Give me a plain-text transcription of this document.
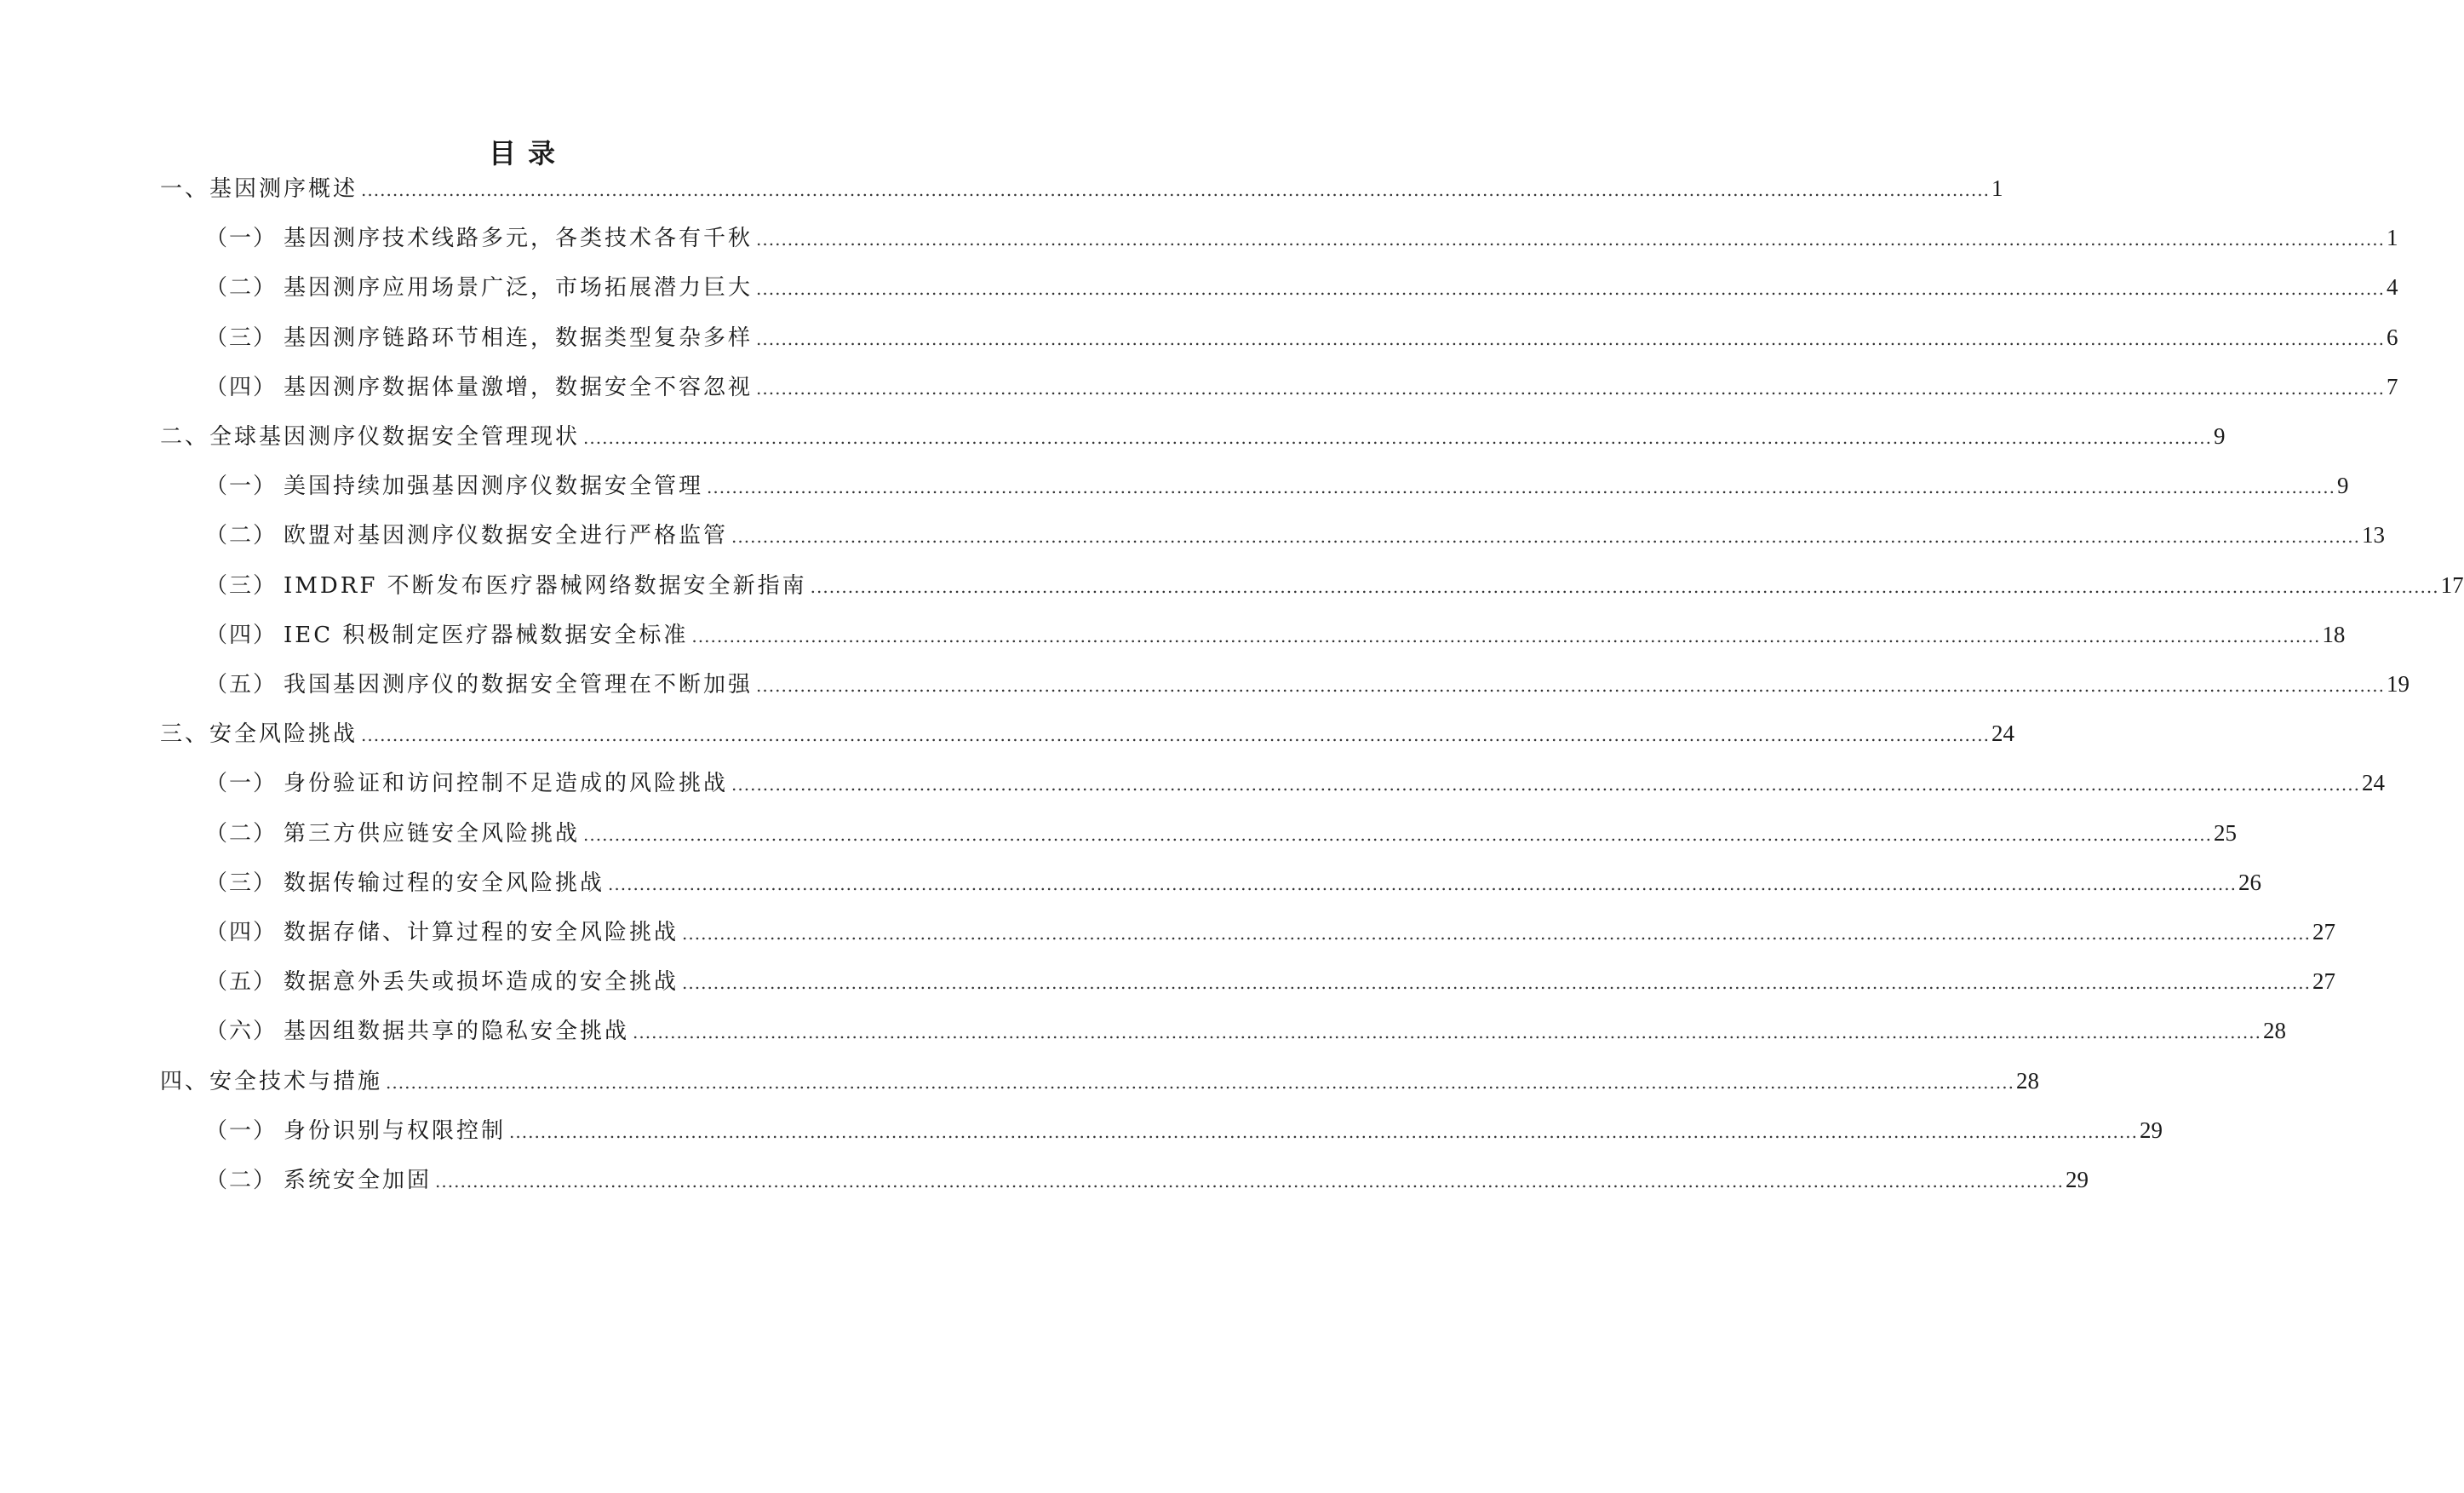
目录
一、 基因测序概述 .................................................................................................................................................................................................................................................................... 1
（一） 基因测序技术线路多元，各类技术各有千秋 .................................................................................................................................................................................................................................................................... 1
（二） 基因测序应用场景广泛，市场拓展潜力巨大 .................................................................................................................................................................................................................................................................... 4
（三） 基因测序链路环节相连，数据类型复杂多样 .................................................................................................................................................................................................................................................................... 6
（四） 基因测序数据体量激增，数据安全不容忽视 .................................................................................................................................................................................................................................................................... 7
二、 全球基因测序仪数据安全管理现状 .................................................................................................................................................................................................................................................................... 9
（一） 美国持续加强基因测序仪数据安全管理 .................................................................................................................................................................................................................................................................... 9
（二） 欧盟对基因测序仪数据安全进行严格监管 .................................................................................................................................................................................................................................................................... 13
（三） IMDRF 不断发布医疗器械网络数据安全新指南 .................................................................................................................................................................................................................................................................... 17
（四） IEC 积极制定医疗器械数据安全标准 .................................................................................................................................................................................................................................................................... 18
（五） 我国基因测序仪的数据安全管理在不断加强 .................................................................................................................................................................................................................................................................... 19
三、 安全风险挑战 .................................................................................................................................................................................................................................................................... 24
（一） 身份验证和访问控制不足造成的风险挑战 .................................................................................................................................................................................................................................................................... 24
（二） 第三方供应链安全风险挑战 .................................................................................................................................................................................................................................................................... 25
（三） 数据传输过程的安全风险挑战 .................................................................................................................................................................................................................................................................... 26
（四） 数据存储、计算过程的安全风险挑战 .................................................................................................................................................................................................................................................................... 27
（五） 数据意外丢失或损坏造成的安全挑战 .................................................................................................................................................................................................................................................................... 27
（六） 基因组数据共享的隐私安全挑战 .................................................................................................................................................................................................................................................................... 28
四、 安全技术与措施 .................................................................................................................................................................................................................................................................... 28
（一） 身份识别与权限控制 .................................................................................................................................................................................................................................................................... 29
（二） 系统安全加固 .................................................................................................................................................................................................................................................................... 29
